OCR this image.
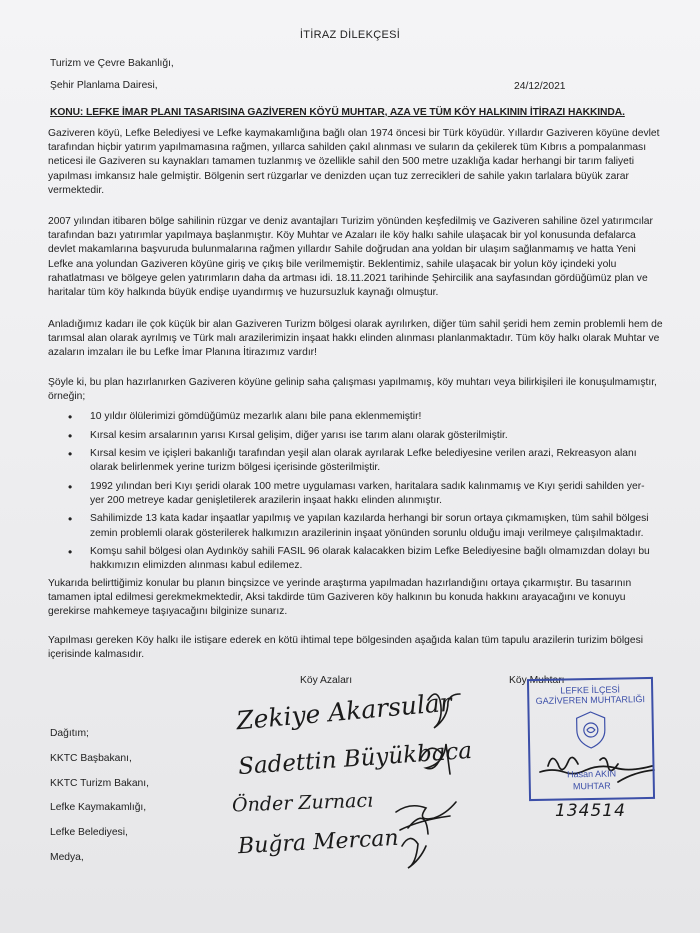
İTİRAZ DİLEKÇESİ
Turizm ve Çevre Bakanlığı,
Şehir Planlama Dairesi,	24/12/2021
KONU: LEFKE İMAR PLANI TASARISINA GAZİVEREN KÖYÜ MUHTAR, AZA VE TÜM KÖY HALKININ İTİRAZI HAKKINDA.

Gaziveren köyü, Lefke Belediyesi ve Lefke kaymakamlığına bağlı olan 1974 öncesi bir Türk köyüdür. Yıllardır Gaziveren köyüne devlet tarafından hiçbir yatırım yapılmamasına rağmen, yıllarca sahilden çakıl alınması ve suların da çekilerek tüm Kıbrıs a pompalanması neticesi ile Gaziveren su kaynakları tamamen tuzlanmış ve özellikle sahil den 500 metre uzaklığa kadar herhangi bir tarım faliyeti yapılması imkansız hale gelmiştir. Bölgenin sert rüzgarlar ve denizden uçan tuz zerrecikleri de sahile yakın tarlalara büyük zarar vermektedir.

2007 yılından itibaren bölge sahilinin rüzgar ve deniz avantajları Turizim yönünden keşfedilmiş ve Gaziveren sahiline özel yatırımcılar tarafından bazı yatırımlar yapılmaya başlanmıştır. Köy Muhtar ve Azaları ile köy halkı sahile ulaşacak bir yol konusunda defalarca devlet makamlarına başvuruda bulunmalarına rağmen yıllardır Sahile doğrudan ana yoldan bir ulaşım sağlanmamış ve hatta Yeni Lefke ana yolundan Gaziveren köyüne giriş ve çıkış bile verilmemiştir. Beklentimiz, sahile ulaşacak bir yolun köy içindeki yolu rahatlatması ve bölgeye gelen yatırımların daha da artması idi. 18.11.2021 tarihinde Şehircilik ana sayfasından gördüğümüz plan ve haritalar tüm köy halkında büyük endişe uyandırmış ve huzursuzluk kaynağı olmuştur.

Anladığımız kadarı ile çok küçük bir alan Gaziveren Turizm bölgesi olarak ayrılırken, diğer tüm sahil şeridi hem zemin problemli hem de tarımsal alan olarak ayrılmış ve Türk malı arazilerimizin inşaat hakkı elinden alınması planlanmaktadır. Tüm köy halkı olarak Muhtar ve azaların imzaları ile bu Lefke İmar Planına İtirazımız vardır!

Şöyle ki, bu plan hazırlanırken Gaziveren köyüne gelinip saha çalışması yapılmamış, köy muhtarı veya bilirkişileri ile konuşulmamıştır, örneğin;

• 10 yıldır ölülerimizi gömdüğümüz mezarlık alanı bile pana eklenmemiştir!
• Kırsal kesim arsalarının yarısı Kırsal gelişim, diğer yarısı ise tarım alanı olarak gösterilmiştir.
• Kırsal kesim ve içişleri bakanlığı tarafından yeşil alan olarak ayrılarak Lefke belediyesine verilen arazi, Rekreasyon alanı olarak belirlenmek yerine turizm bölgesi içerisinde gösterilmiştir.
• 1992 yılından beri Kıyı şeridi olarak 100 metre uygulaması varken, haritalara sadık kalınmamış ve Kıyı şeridi sahilden yer-yer 200 metreye kadar genişletilerek arazilerin inşaat hakkı elinden alınmıştır.
• Sahilimizde 13 kata kadar inşaatlar yapılmış ve yapılan kazılarda herhangi bir sorun ortaya çıkmamışken, tüm sahil bölgesi zemin problemli olarak gösterilerek halkımızın arazilerinin inşaat yönünden sorunlu olduğu imajı verilmeye çalışılmaktadır.
• Komşu sahil bölgesi olan Aydınköy sahili FASIL 96 olarak kalacakken bizim Lefke Belediyesine bağlı olmamızdan dolayı bu hakkımızın elimizden alınması kabul edilemez.

Yukarıda belirttiğimiz konular bu planın binçsizce ve yerinde araştırma yapılmadan hazırlandığını ortaya çıkarmıştır. Bu tasarının tamamen iptal edilmesi gerekmekmektedir, Aksi takdirde tüm Gaziveren köy halkının bu konuda hakkını arayacağını ve konuyu gerekirse mahkemeye taşıyacağını bilginize sunarız.

Yapılması gereken Köy halkı ile istişare ederek en kötü ihtimal tepe bölgesinden aşağıda kalan tüm tapulu arazilerin turizim bölgesi içerisinde kalmasıdır.

Köy Azaları	Köy Muhtarı
Dağıtım;
KKTC Başbakanı,
KKTC Turizm Bakanı,
Lefke Kaymakamlığı,
Lefke Belediyesi,
Medya,
Zekiye Akarsular
Sadettin Büyükbaca
Önder Zurnacı
Buğra Mercan
LEFKE İLÇESİ
GAZİVEREN MUHTARLIĞI
Hasan AKIN
MUHTAR
134514
